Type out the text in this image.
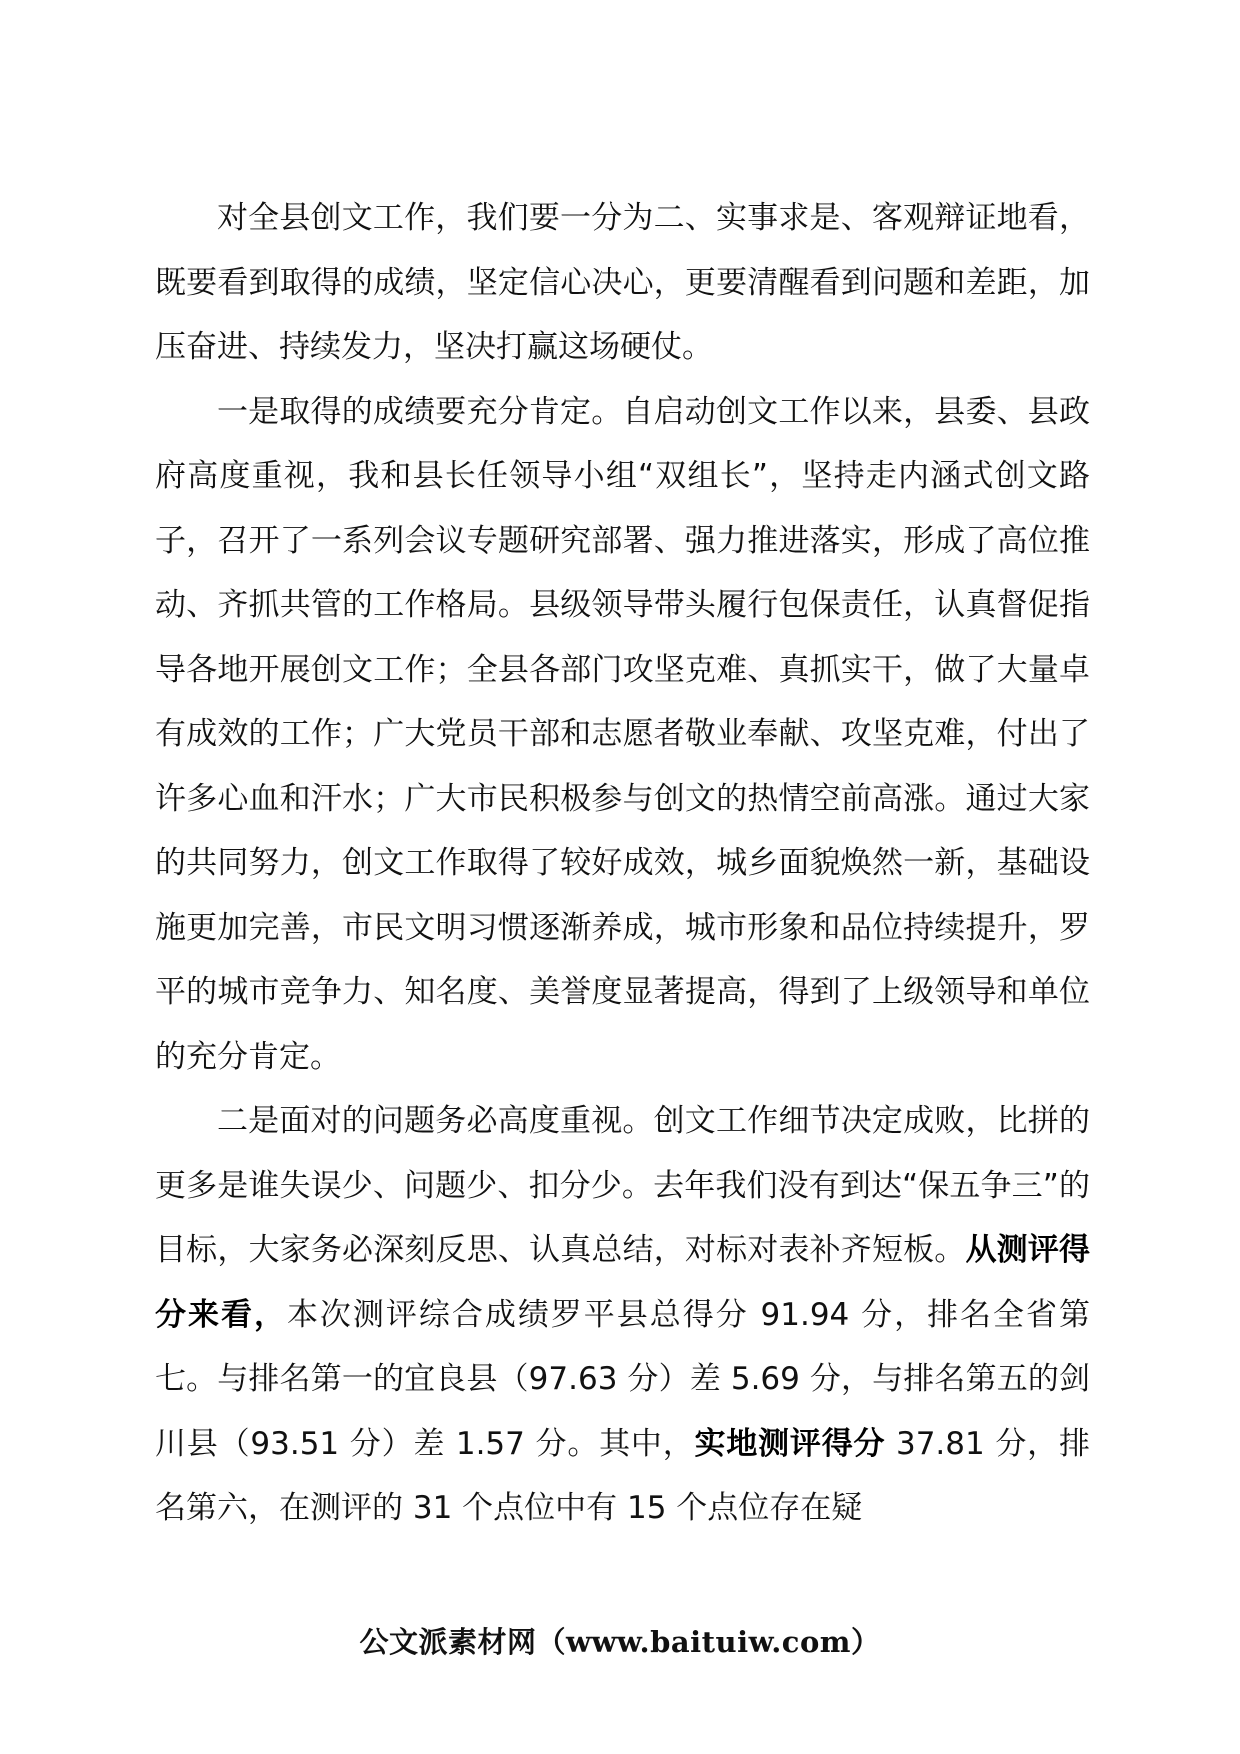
对全县创文工作，我们要一分为二、实事求是、客观辩证地看，既要看到取得的成绩，坚定信心决心，更要清醒看到问题和差距，加压奋进、持续发力，坚决打赢这场硬仗。

一是取得的成绩要充分肯定。自启动创文工作以来，县委、县政府高度重视，我和县长任领导小组“双组长”，坚持走内涵式创文路子，召开了一系列会议专题研究部署、强力推进落实，形成了高位推动、齐抓共管的工作格局。县级领导带头履行包保责任，认真督促指导各地开展创文工作；全县各部门攻坚克难、真抓实干，做了大量卓有成效的工作；广大党员干部和志愿者敬业奉献、攻坚克难，付出了许多心血和汗水；广大市民积极参与创文的热情空前高涨。通过大家的共同努力，创文工作取得了较好成效，城乡面貌焕然一新，基础设施更加完善，市民文明习惯逐渐养成，城市形象和品位持续提升，罗平的城市竞争力、知名度、美誉度显著提高，得到了上级领导和单位的充分肯定。

二是面对的问题务必高度重视。创文工作细节决定成败，比拼的更多是谁失误少、问题少、扣分少。去年我们没有到达“保五争三”的目标，大家务必深刻反思、认真总结，对标对表补齐短板。从测评得分来看，本次测评综合成绩罗平县总得分 91.94 分，排名全省第七。与排名第一的宜良县（97.63 分）差 5.69 分，与排名第五的剑川县（93.51 分）差 1.57 分。其中，实地测评得分 37.81 分，排名第六，在测评的 31 个点位中有 15 个点位存在疑

公文派素材网（www.baituiw.com）
